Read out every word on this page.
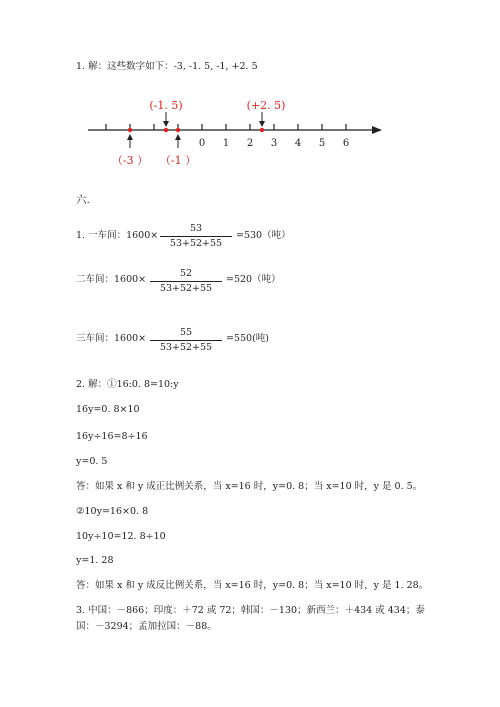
1. 解：这些数字如下：-3, -1. 5, -1, +2. 5
0 1 2 3 4 5 6
(-1. 5)	(+2. 5)
（-3 ） （-1 ）
六.
1. 一车间：1600×
53
53+52+55
=530（吨）
二车间：1600×
52
53+52+55
=520（吨）
三车间：1600×
55
53+52+55
=550(吨)
2. 解：①16:0. 8=10:y
16y=0. 8×10
16y÷16=8÷16
y=0. 5
答：如果 x 和 y 成正比例关系，当 x=16 时，y=0. 8；当 x=10 时，y 是 0. 5。
②10y=16×0. 8
10y÷10=12. 8÷10
y=1. 28
答：如果 x 和 y 成反比例关系，当 x=16 时，y=0. 8；当 x=10 时，y 是 1. 28。
3. 中国：－866；印度：＋72 或 72；韩国：－130；新西兰：＋434 或 434；泰
国：－3294；孟加拉国：－88。
